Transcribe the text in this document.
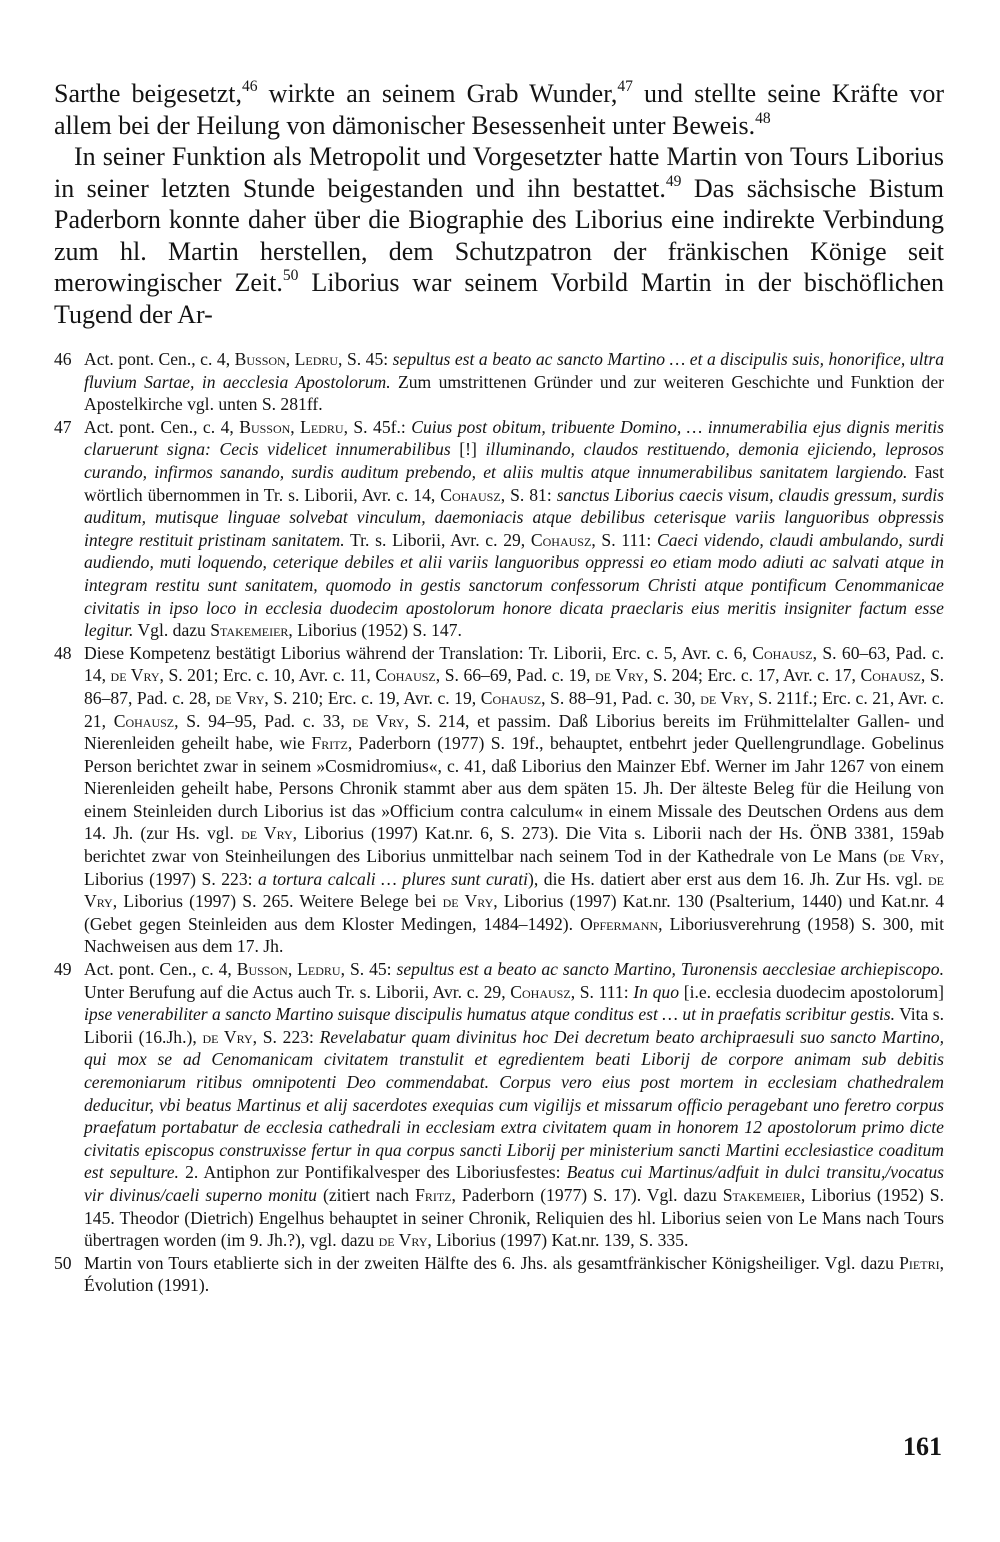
Sarthe beigesetzt,$^{46}$ wirkte an seinem Grab Wunder,$^{47}$ und stellte seine Kräfte vor allem bei der Heilung von dämonischer Besessenheit unter Beweis.$^{48}$

In seiner Funktion als Metropolit und Vorgesetzter hatte Martin von Tours Liborius in seiner letzten Stunde beigestanden und ihn bestattet.$^{49}$ Das sächsische Bistum Paderborn konnte daher über die Biographie des Liborius eine indirekte Verbindung zum hl. Martin herstellen, dem Schutzpatron der fränkischen Könige seit merowingischer Zeit.$^{50}$ Liborius war seinem Vorbild Martin in der bischöflichen Tugend der Ar-

46 Act. pont. Cen., c. 4, Busson, Ledru, S. 45: sepultus est a beato ac sancto Martino … et a discipulis suis, honorifice, ultra fluvium Sartae, in aecclesia Apostolorum. Zum umstrittenen Gründer und zur weiteren Geschichte und Funktion der Apostelkirche vgl. unten S. 281ff.
47 Act. pont. Cen., c. 4, Busson, Ledru, S. 45f.: Cuius post obitum, tribuente Domino, … innumerabilia ejus dignis meritis claruerunt signa: Cecis videlicet innumerabilibus [!] illuminando, claudos restituendo, demonia ejiciendo, leprosos curando, infirmos sanando, surdis auditum prebendo, et aliis multis atque innumerabilibus sanitatem largiendo. Fast wörtlich übernommen in Tr. s. Liborii, Avr. c. 14, Cohausz, S. 81: sanctus Liborius caecis visum, claudis gressum, surdis auditum, mutisque linguae solvebat vinculum, daemoniacis atque debilibus ceterisque variis languoribus obpressis integre restituit pristinam sanitatem. Tr. s. Liborii, Avr. c. 29, Cohausz, S. 111: Caeci videndo, claudi ambulando, surdi audiendo, muti loquendo, ceterique debiles et alii variis languoribus oppressi eo etiam modo adiuti ac salvati atque in integram restitu sunt sanitatem, quomodo in gestis sanctorum confessorum Christi atque pontificum Cenommanicae civitatis in ipso loco in ecclesia duodecim apostolorum honore dicata praeclaris eius meritis insigniter factum esse legitur. Vgl. dazu Stakemeier, Liborius (1952) S. 147.
48 Diese Kompetenz bestätigt Liborius während der Translation: Tr. Liborii, Erc. c. 5, Avr. c. 6, Cohausz, S. 60–63, Pad. c. 14, de Vry, S. 201; Erc. c. 10, Avr. c. 11, Cohausz, S. 66–69, Pad. c. 19, de Vry, S. 204; Erc. c. 17, Avr. c. 17, Cohausz, S. 86–87, Pad. c. 28, de Vry, S. 210; Erc. c. 19, Avr. c. 19, Cohausz, S. 88–91, Pad. c. 30, de Vry, S. 211f.; Erc. c. 21, Avr. c. 21, Cohausz, S. 94–95, Pad. c. 33, de Vry, S. 214, et passim. Daß Liborius bereits im Frühmittelalter Gallen- und Nierenleiden geheilt habe, wie Fritz, Paderborn (1977) S. 19f., behauptet, entbehrt jeder Quellengrundlage. Gobelinus Person berichtet zwar in seinem »Cosmidromius«, c. 41, daß Liborius den Mainzer Ebf. Werner im Jahr 1267 von einem Nierenleiden geheilt habe, Persons Chronik stammt aber aus dem späten 15. Jh. Der älteste Beleg für die Heilung von einem Steinleiden durch Liborius ist das »Officium contra calculum« in einem Missale des Deutschen Ordens aus dem 14. Jh. (zur Hs. vgl. de Vry, Liborius (1997) Kat.nr. 6, S. 273). Die Vita s. Liborii nach der Hs. ÖNB 3381, 159ab berichtet zwar von Steinheilungen des Liborius unmittelbar nach seinem Tod in der Kathedrale von Le Mans (de Vry, Liborius (1997) S. 223: a tortura calcali … plures sunt curati), die Hs. datiert aber erst aus dem 16. Jh. Zur Hs. vgl. de Vry, Liborius (1997) S. 265. Weitere Belege bei de Vry, Liborius (1997) Kat.nr. 130 (Psalterium, 1440) und Kat.nr. 4 (Gebet gegen Steinleiden aus dem Kloster Medingen, 1484–1492). Opfermann, Liboriusverehrung (1958) S. 300, mit Nachweisen aus dem 17. Jh.
49 Act. pont. Cen., c. 4, Busson, Ledru, S. 45: sepultus est a beato ac sancto Martino, Turonensis aecclesiae archiepiscopo. Unter Berufung auf die Actus auch Tr. s. Liborii, Avr. c. 29, Cohausz, S. 111: In quo [i.e. ecclesia duodecim apostolorum] ipse venerabiliter a sancto Martino suisque discipulis humatus atque conditus est … ut in praefatis scribitur gestis. Vita s. Liborii (16.Jh.), de Vry, S. 223: Revelabatur quam divinitus hoc Dei decretum beato archipraesuli suo sancto Martino, qui mox se ad Cenomanicam civitatem transtulit et egredientem beati Liborij de corpore animam sub debitis ceremoniarum ritibus omnipotenti Deo commendabat. Corpus vero eius post mortem in ecclesiam chathedralem deducitur, vbi beatus Martinus et alij sacerdotes exequias cum vigilijs et missarum officio peragebant uno feretro corpus praefatum portabatur de ecclesia cathedrali in ecclesiam extra civitatem quam in honorem 12 apostolorum primo dicte civitatis episcopus construxisse fertur in qua corpus sancti Liborij per ministerium sancti Martini ecclesiastice coaditum est sepulture. 2. Antiphon zur Pontifikalvesper des Liboriusfestes: Beatus cui Martinus/adfuit in dulci transitu,/vocatus vir divinus/caeli superno monitu (zitiert nach Fritz, Paderborn (1977) S. 17). Vgl. dazu Stakemeier, Liborius (1952) S. 145. Theodor (Dietrich) Engelhus behauptet in seiner Chronik, Reliquien des hl. Liborius seien von Le Mans nach Tours übertragen worden (im 9. Jh.?), vgl. dazu de Vry, Liborius (1997) Kat.nr. 139, S. 335.
50 Martin von Tours etablierte sich in der zweiten Hälfte des 6. Jhs. als gesamtfränkischer Königsheiliger. Vgl. dazu Pietri, Évolution (1991).
161
